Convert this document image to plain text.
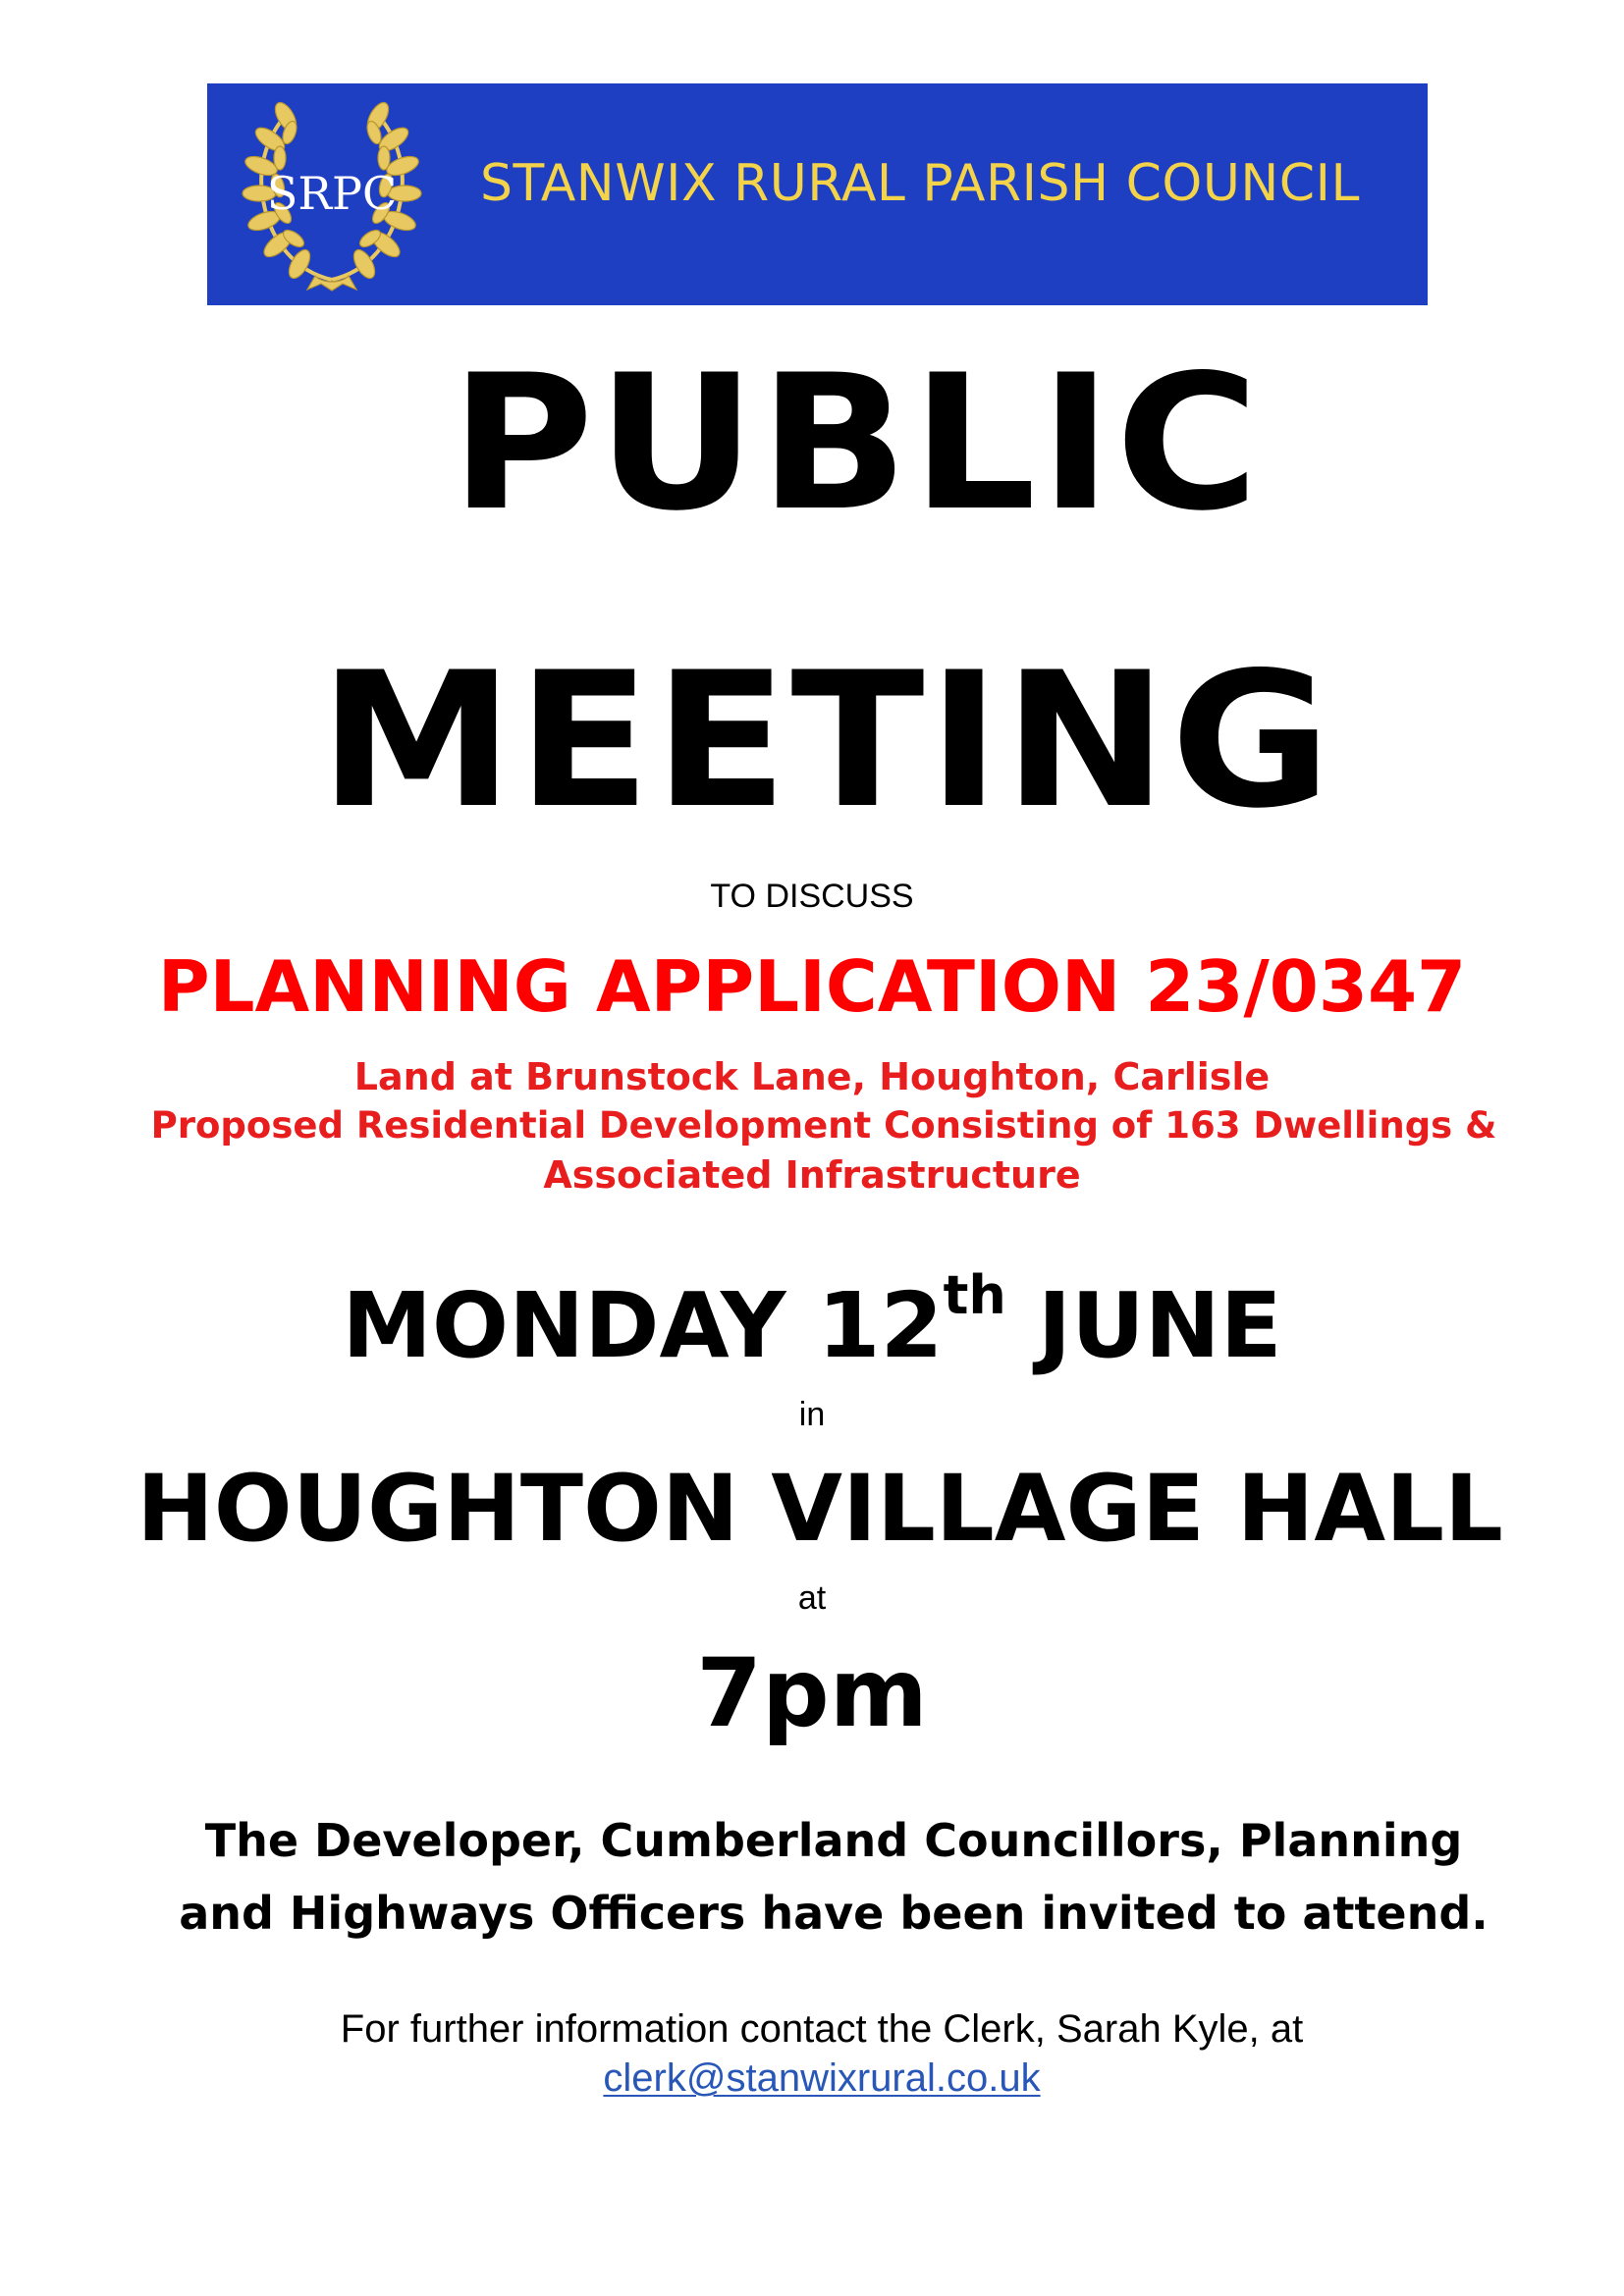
SRPC STANWIX RURAL PARISH COUNCIL
PUBLIC
MEETING
TO DISCUSS
PLANNING APPLICATION 23/0347
Land at Brunstock Lane, Houghton, Carlisle
Proposed Residential Development Consisting of 163 Dwellings &
Associated Infrastructure
MONDAY 12th JUNE
in
HOUGHTON VILLAGE HALL
at
7pm
The Developer, Cumberland Councillors, Planning
and Highways Officers have been invited to attend.
For further information contact the Clerk, Sarah Kyle, at
clerk@stanwixrural.co.uk
